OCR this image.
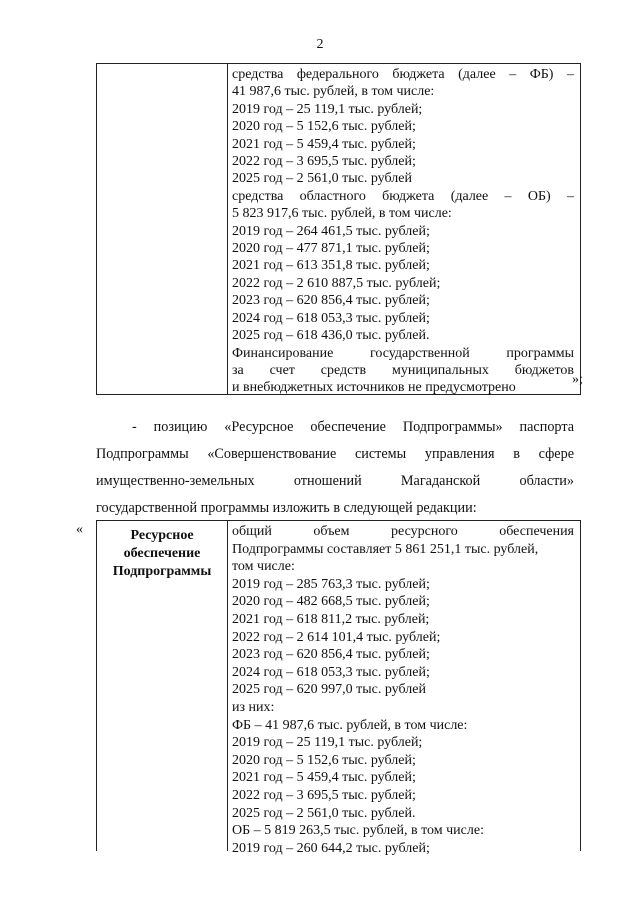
2
средства федерального бюджета (далее – ФБ) –
41 987,6 тыс. рублей, в том числе:
2019 год – 25 119,1 тыс. рублей;
2020 год – 5 152,6 тыс. рублей;
2021 год – 5 459,4 тыс. рублей;
2022 год – 3 695,5 тыс. рублей;
2025 год – 2 561,0 тыс. рублей
средства областного бюджета (далее – ОБ) –
5 823 917,6 тыс. рублей, в том числе:
2019 год – 264 461,5 тыс. рублей;
2020 год – 477 871,1 тыс. рублей;
2021 год – 613 351,8 тыс. рублей;
2022 год – 2 610 887,5 тыс. рублей;
2023 год – 620 856,4 тыс. рублей;
2024 год – 618 053,3 тыс. рублей;
2025 год – 618 436,0 тыс. рублей.
Финансирование государственной программы
за счет средств муниципальных бюджетов
и внебюджетных источников не предусмотрено
»;
- позицию «Ресурсное обеспечение Подпрограммы» паспорта
Подпрограммы «Совершенствование системы управления в сфере
имущественно-земельных отношений Магаданской области»
государственной программы изложить в следующей редакции:
«	Ресурсное
обеспечение
Подпрограммы
общий объем ресурсного обеспечения
Подпрограммы составляет 5 861 251,1 тыс. рублей,
том числе:
2019 год – 285 763,3 тыс. рублей;
2020 год – 482 668,5 тыс. рублей;
2021 год – 618 811,2 тыс. рублей;
2022 год – 2 614 101,4 тыс. рублей;
2023 год – 620 856,4 тыс. рублей;
2024 год – 618 053,3 тыс. рублей;
2025 год – 620 997,0 тыс. рублей
из них:
ФБ – 41 987,6 тыс. рублей, в том числе:
2019 год – 25 119,1 тыс. рублей;
2020 год – 5 152,6 тыс. рублей;
2021 год – 5 459,4 тыс. рублей;
2022 год – 3 695,5 тыс. рублей;
2025 год – 2 561,0 тыс. рублей.
ОБ – 5 819 263,5 тыс. рублей, в том числе:
2019 год – 260 644,2 тыс. рублей;
